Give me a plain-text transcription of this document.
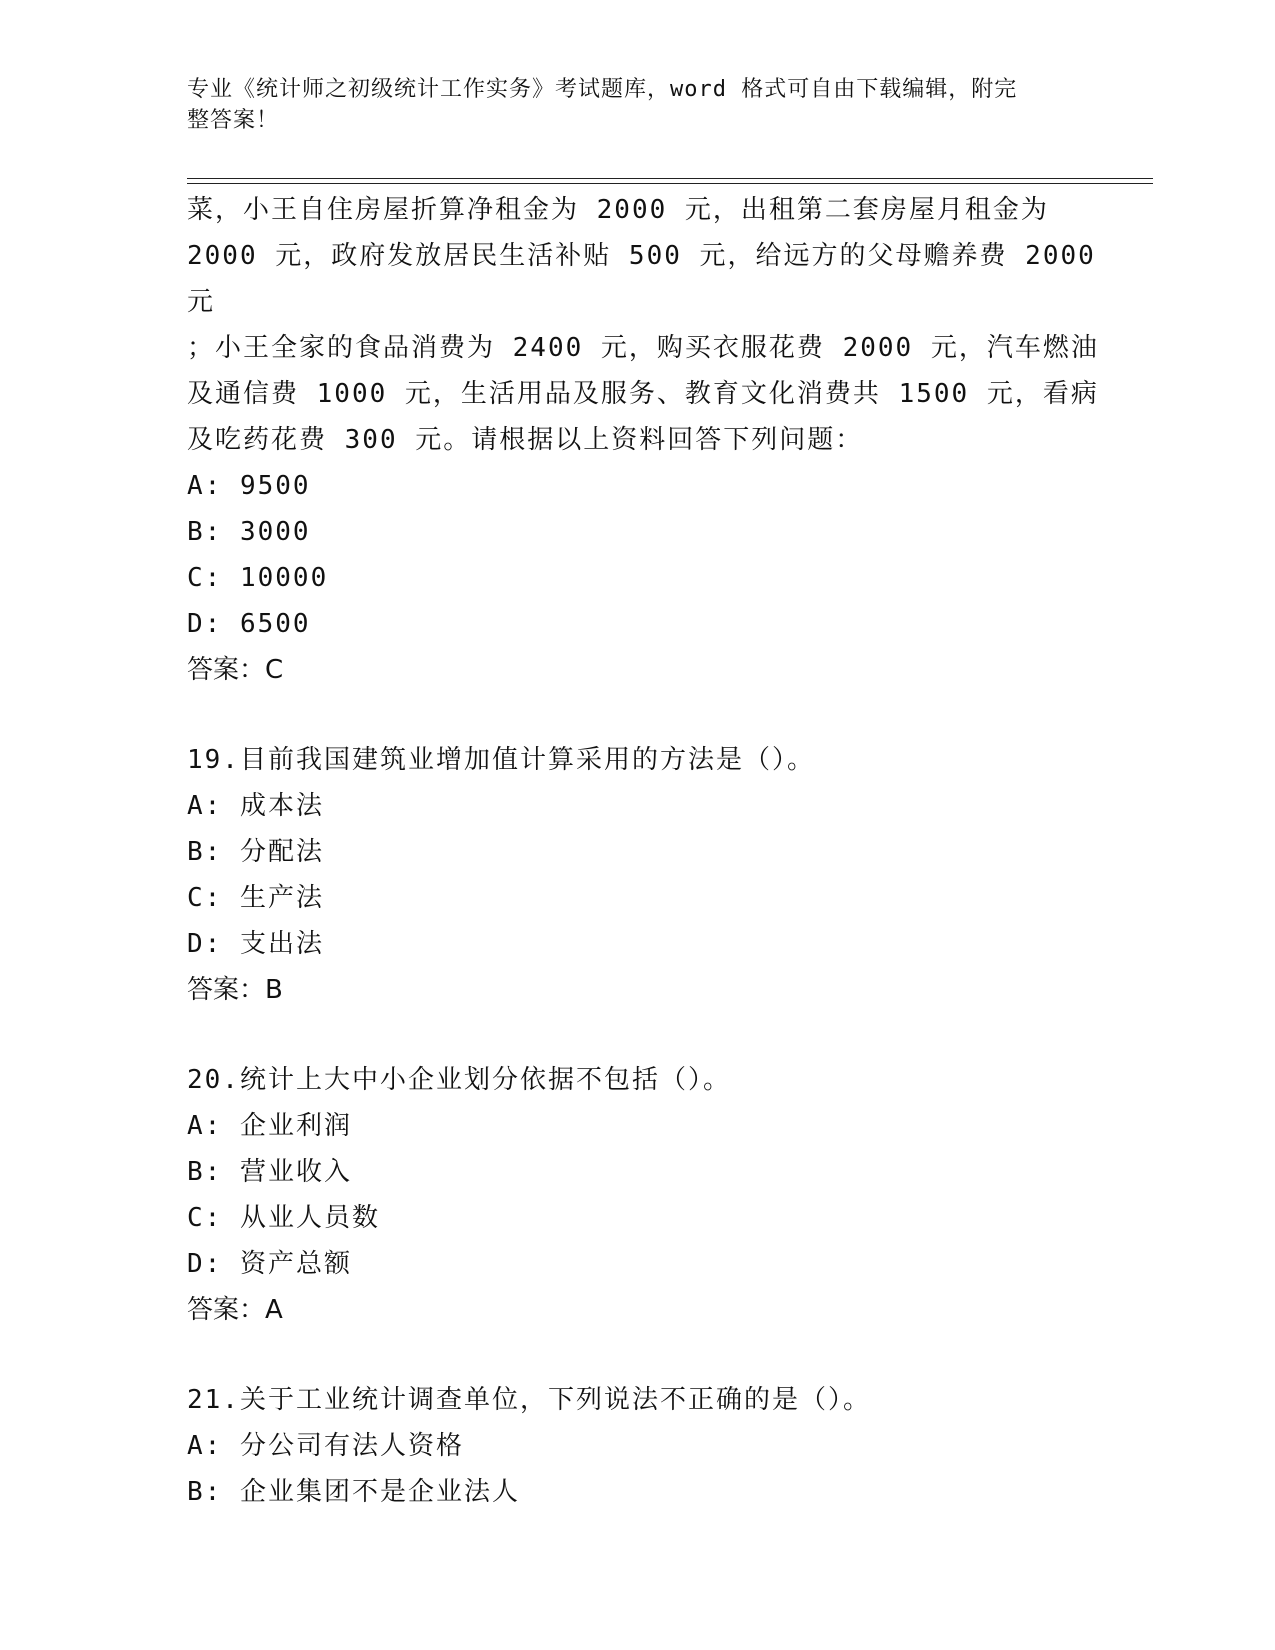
专业《统计师之初级统计工作实务》考试题库，word 格式可自由下载编辑，附完
整答案！

菜，小王自住房屋折算净租金为 2000 元，出租第二套房屋月租金为

2000 元，政府发放居民生活补贴 500 元，给远方的父母赡养费 2000 元

；小王全家的食品消费为 2400 元，购买衣服花费 2000 元，汽车燃油

及通信费 1000 元，生活用品及服务、教育文化消费共 1500 元，看病

及吃药花费 300 元。请根据以上资料回答下列问题：

A: 9500

B: 3000

C: 10000

D: 6500

答案：C

19.目前我国建筑业增加值计算采用的方法是（）。

A: 成本法

B: 分配法

C: 生产法

D: 支出法

答案：B

20.统计上大中小企业划分依据不包括（）。

A: 企业利润

B: 营业收入

C: 从业人员数

D: 资产总额

答案：A

21.关于工业统计调查单位，下列说法不正确的是（）。

A: 分公司有法人资格

B: 企业集团不是企业法人
